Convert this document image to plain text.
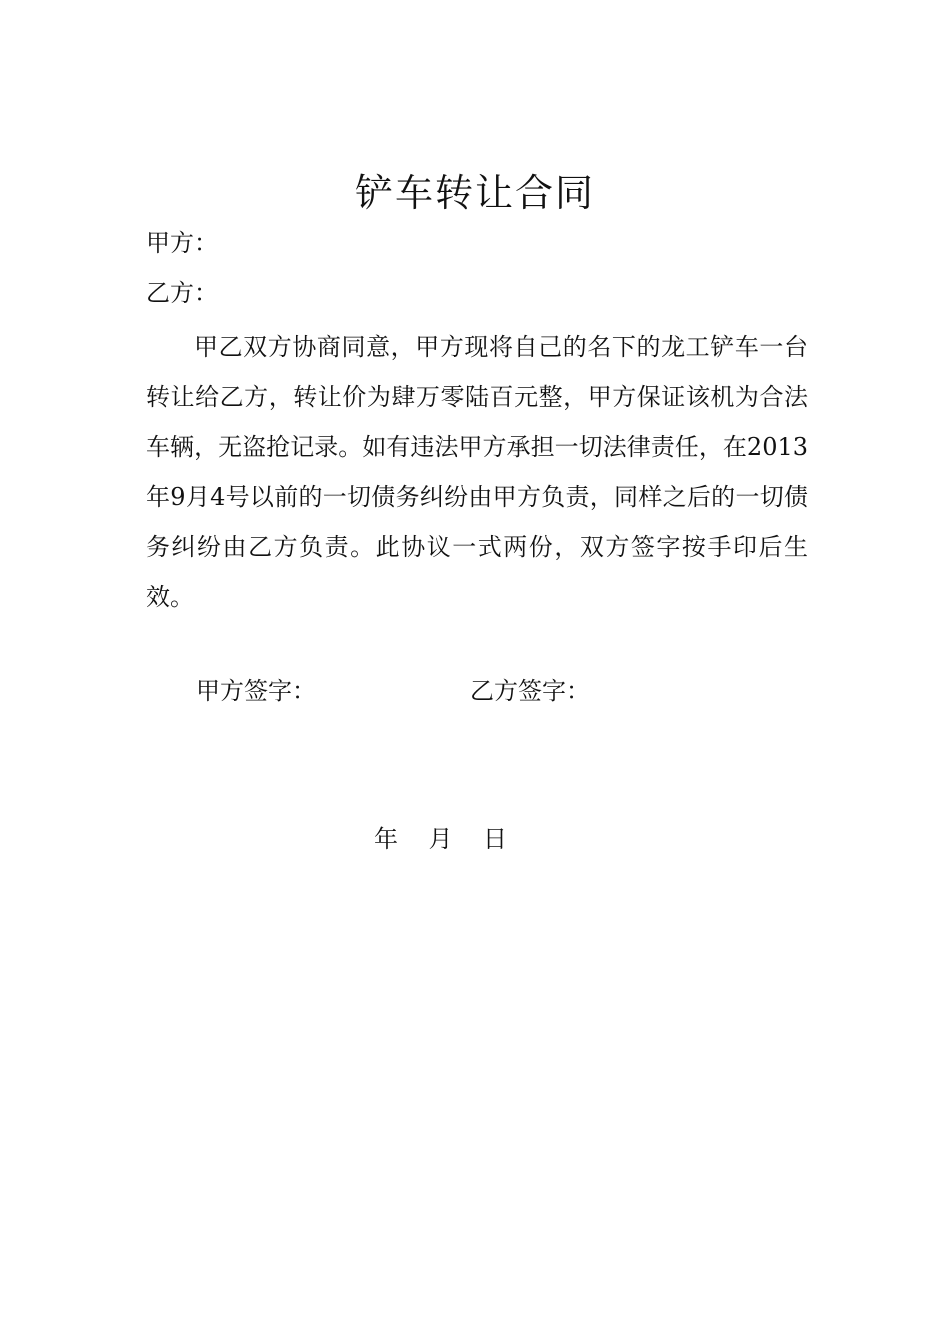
铲车转让合同
甲方：
乙方：

甲乙双方协商同意，甲方现将自己的名下的龙工铲车一台转让给乙方，转让价为肆万零陆百元整，甲方保证该机为合法车辆，无盗抢记录。如有违法甲方承担一切法律责任，在2013年9月4号以前的一切债务纠纷由甲方负责，同样之后的一切债务纠纷由乙方负责。此协议一式两份，双方签字按手印后生效。

甲方签字：	乙方签字：
年    月    日
